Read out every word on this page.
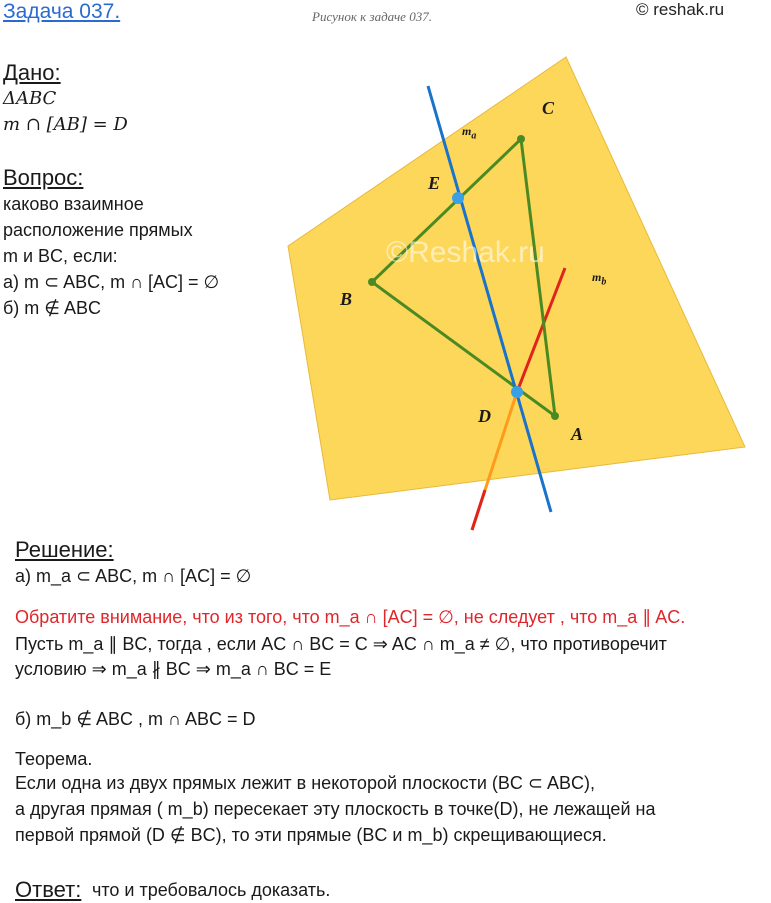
Задача 037.	Рисунок к задаче 037.	© reshak.ru
Дано:
ΔABC
m ∩ [AB] = D
Вопрос:
каково взаимное
расположение прямых
m и BC, если:
а) m ⊂ ABC, m ∩ [AC] = ∅
б) m ∉ ABC
©Reshak.ru
C
$m_a$
E
B
$m_b$
D
A
Решение:
а) m_a ⊂ ABC, m ∩ [AC] = ∅
Обратите внимание, что из того, что m_a ∩ [AC] = ∅, не следует , что m_a ∥ AC.
Пусть m_a ∥ BC, тогда , если AC ∩ BC = C ⇒ AC ∩ m_a ≠ ∅, что противоречит
условию ⇒ m_a ∦ BC ⇒ m_a ∩ BC = E
б) m_b ∉ ABC , m ∩ ABC = D
Теорема.
Если одна из двух прямых лежит в некоторой плоскости (BC ⊂ ABC),
а другая прямая ( m_b) пересекает эту плоскость в точке(D), не лежащей на
первой прямой (D ∉ BC), то эти прямые (BC и m_b) скрещивающиеся.
Ответ: что и требовалось доказать.
